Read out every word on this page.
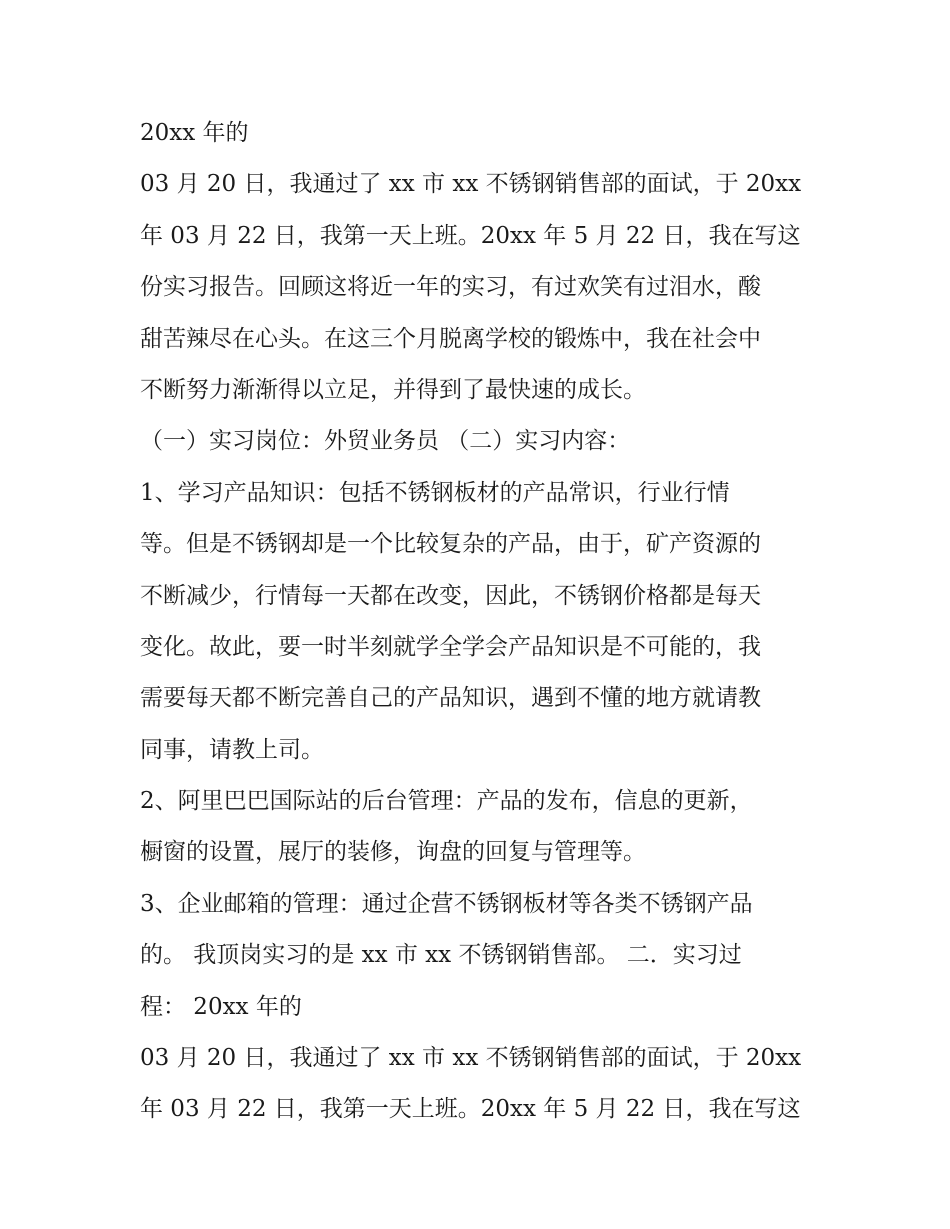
20xx 年的
03 月 20 日，我通过了 xx 市 xx 不锈钢销售部的面试，于 20xx
年 03 月 22 日，我第一天上班。20xx 年 5 月 22 日，我在写这
份实习报告。回顾这将近一年的实习，有过欢笑有过泪水，酸
甜苦辣尽在心头。在这三个月脱离学校的锻炼中，我在社会中
不断努力渐渐得以立足，并得到了最快速的成长。
（一）实习岗位：外贸业务员 （二）实习内容：
1、学习产品知识：包括不锈钢板材的产品常识，行业行情
等。但是不锈钢却是一个比较复杂的产品，由于，矿产资源的
不断减少，行情每一天都在改变，因此，不锈钢价格都是每天
变化。故此，要一时半刻就学全学会产品知识是不可能的，我
需要每天都不断完善自己的产品知识，遇到不懂的地方就请教
同事，请教上司。
2、阿里巴巴国际站的后台管理：产品的发布，信息的更新，
橱窗的设置，展厅的装修，询盘的回复与管理等。
3、企业邮箱的管理：通过企营不锈钢板材等各类不锈钢产品
的。 我顶岗实习的是 xx 市 xx 不锈钢销售部。 二．实习过
程： 20xx 年的
03 月 20 日，我通过了 xx 市 xx 不锈钢销售部的面试，于 20xx
年 03 月 22 日，我第一天上班。20xx 年 5 月 22 日，我在写这
